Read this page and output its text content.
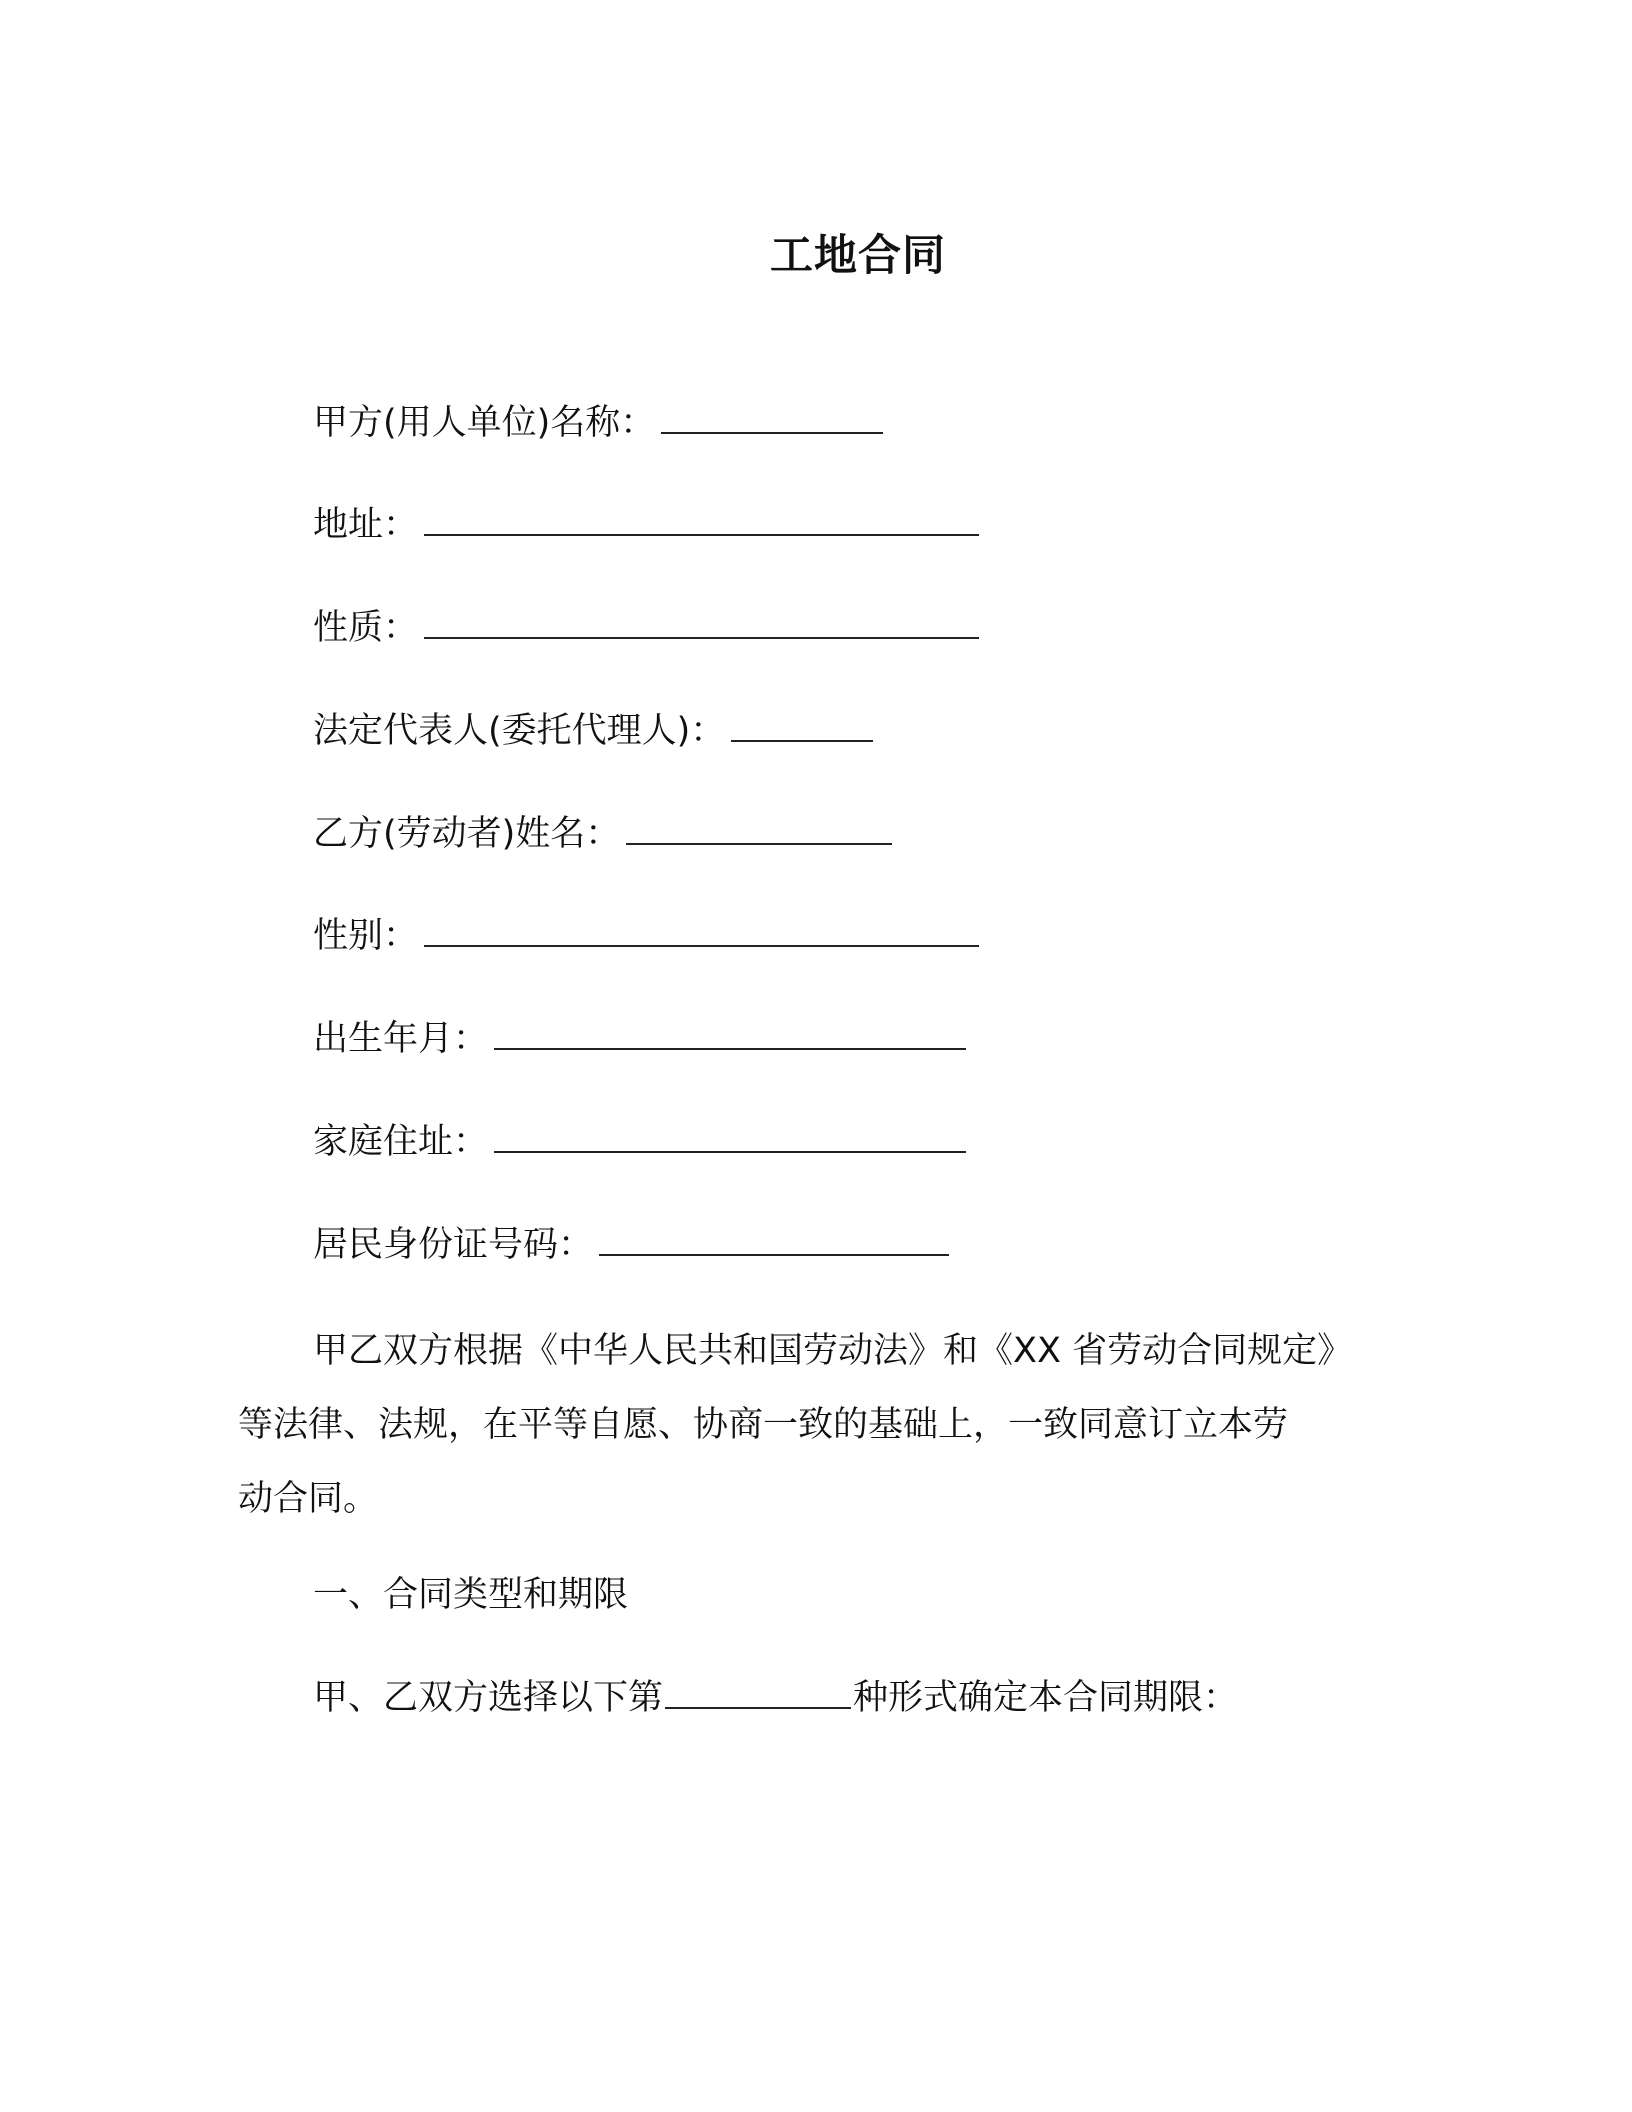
工地合同
甲方(用人单位)名称：
地址：
性质：
法定代表人(委托代理人)：
乙方(劳动者)姓名：
性别：
出生年月：
家庭住址：
居民身份证号码：
甲乙双方根据《中华人民共和国劳动法》和《XX 省劳动合同规定》
等法律、法规，在平等自愿、协商一致的基础上，一致同意订立本劳
动合同。
一、合同类型和期限
甲、乙双方选择以下第	种形式确定本合同期限：
